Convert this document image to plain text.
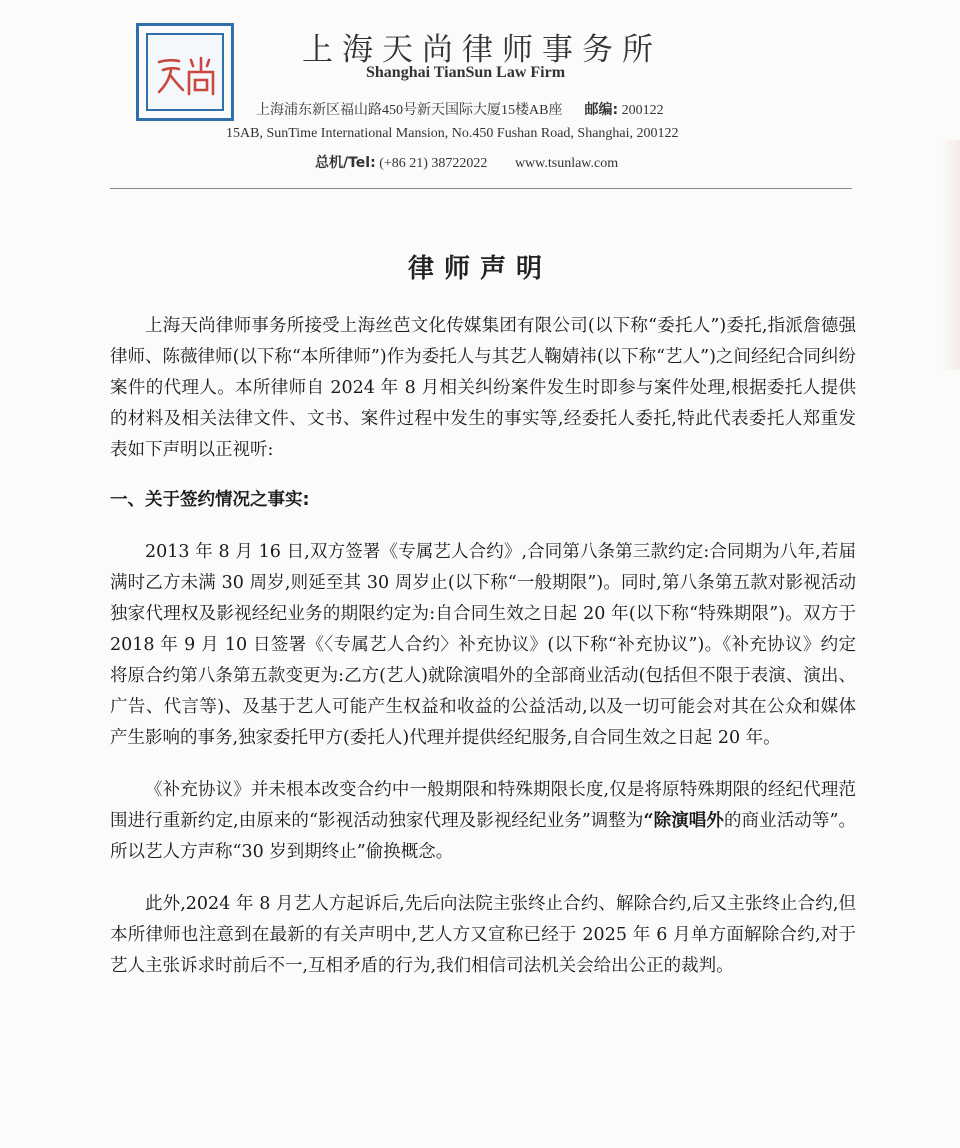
上海天尚律师事务所
Shanghai TianSun Law Firm
上海浦东新区福山路450号新天国际大厦15楼AB座 邮编: 200122
15AB, SunTime International Mansion, No.450 Fushan Road, Shanghai, 200122
总机/Tel: (+86 21) 38722022 www.tsunlaw.com
律师声明

上海天尚律师事务所接受上海丝芭文化传媒集团有限公司(以下称“委托人”)委托,指派詹德强律师、陈薇律师(以下称“本所律师”)作为委托人与其艺人鞠婧祎(以下称“艺人”)之间经纪合同纠纷案件的代理人。本所律师自 2024 年 8 月相关纠纷案件发生时即参与案件处理,根据委托人提供的材料及相关法律文件、文书、案件过程中发生的事实等,经委托人委托,特此代表委托人郑重发表如下声明以正视听:

一、关于签约情况之事实:

2013 年 8 月 16 日,双方签署《专属艺人合约》,合同第八条第三款约定:合同期为八年,若届满时乙方未满 30 周岁,则延至其 30 周岁止(以下称“一般期限”)。同时,第八条第五款对影视活动独家代理权及影视经纪业务的期限约定为:自合同生效之日起 20 年(以下称“特殊期限”)。双方于 2018 年 9 月 10 日签署《〈专属艺人合约〉补充协议》(以下称“补充协议”)。《补充协议》约定将原合约第八条第五款变更为:乙方(艺人)就除演唱外的全部商业活动(包括但不限于表演、演出、广告、代言等)、及基于艺人可能产生权益和收益的公益活动,以及一切可能会对其在公众和媒体产生影响的事务,独家委托甲方(委托人)代理并提供经纪服务,自合同生效之日起 20 年。

《补充协议》并未根本改变合约中一般期限和特殊期限长度,仅是将原特殊期限的经纪代理范围进行重新约定,由原来的“影视活动独家代理及影视经纪业务”调整为“除演唱外的商业活动等”。所以艺人方声称“30 岁到期终止”偷换概念。

此外,2024 年 8 月艺人方起诉后,先后向法院主张终止合约、解除合约,后又主张终止合约,但本所律师也注意到在最新的有关声明中,艺人方又宣称已经于 2025 年 6 月单方面解除合约,对于艺人主张诉求时前后不一,互相矛盾的行为,我们相信司法机关会给出公正的裁判。
